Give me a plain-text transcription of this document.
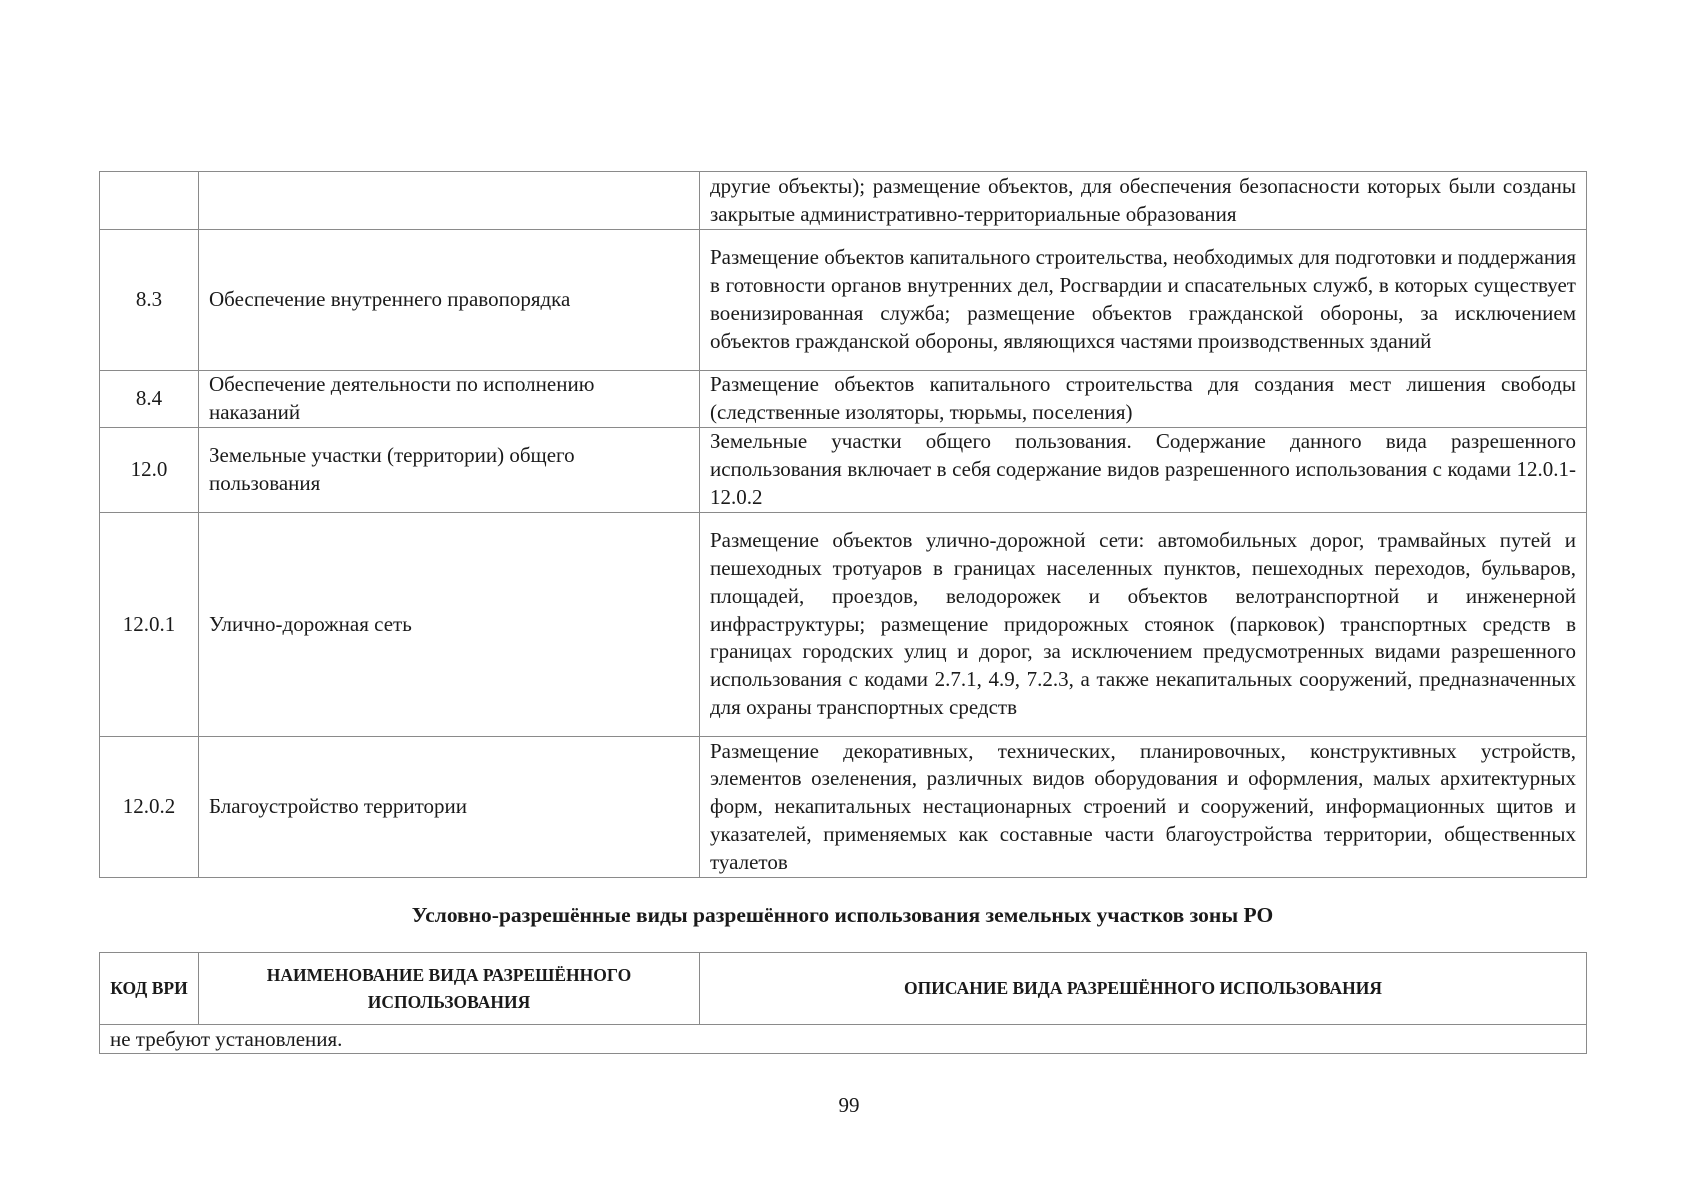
		другие объекты); размещение объектов, для обеспечения безопасности которых были созданы закрытые административно-территориальные образования
8.3	Обеспечение внутреннего правопорядка	Размещение объектов капитального строительства, необходимых для подготовки и поддержания в готовности органов внутренних дел, Росгвардии и спасательных служб, в которых существует военизированная служба; размещение объектов гражданской обороны, за исключением объектов гражданской обороны, являющихся частями производственных зданий
8.4	Обеспечение деятельности по исполнению наказаний	Размещение объектов капитального строительства для создания мест лишения свободы (следственные изоляторы, тюрьмы, поселения)
12.0	Земельные участки (территории) общего пользования	Земельные участки общего пользования. Содержание данного вида разрешенного использования включает в себя содержание видов разрешенного использования с кодами 12.0.1-12.0.2
12.0.1	Улично-дорожная сеть	Размещение объектов улично-дорожной сети: автомобильных дорог, трамвайных путей и пешеходных тротуаров в границах населенных пунктов, пешеходных переходов, бульваров, площадей, проездов, велодорожек и объектов велотранспортной и инженерной инфраструктуры; размещение придорожных стоянок (парковок) транспортных средств в границах городских улиц и дорог, за исключением предусмотренных видами разрешенного использования с кодами 2.7.1, 4.9, 7.2.3, а также некапитальных сооружений, предназначенных для охраны транспортных средств
12.0.2	Благоустройство территории	Размещение декоративных, технических, планировочных, конструктивных устройств, элементов озеленения, различных видов оборудования и оформления, малых архитектурных форм, некапитальных нестационарных строений и сооружений, информационных щитов и указателей, применяемых как составные части благоустройства территории, общественных туалетов
Условно-разрешённые виды разрешённого использования земельных участков зоны РО
КОД ВРИ	НАИМЕНОВАНИЕ ВИДА РАЗРЕШЁННОГО ИСПОЛЬЗОВАНИЯ	ОПИСАНИЕ ВИДА РАЗРЕШЁННОГО ИСПОЛЬЗОВАНИЯ
не требуют установления.
99
